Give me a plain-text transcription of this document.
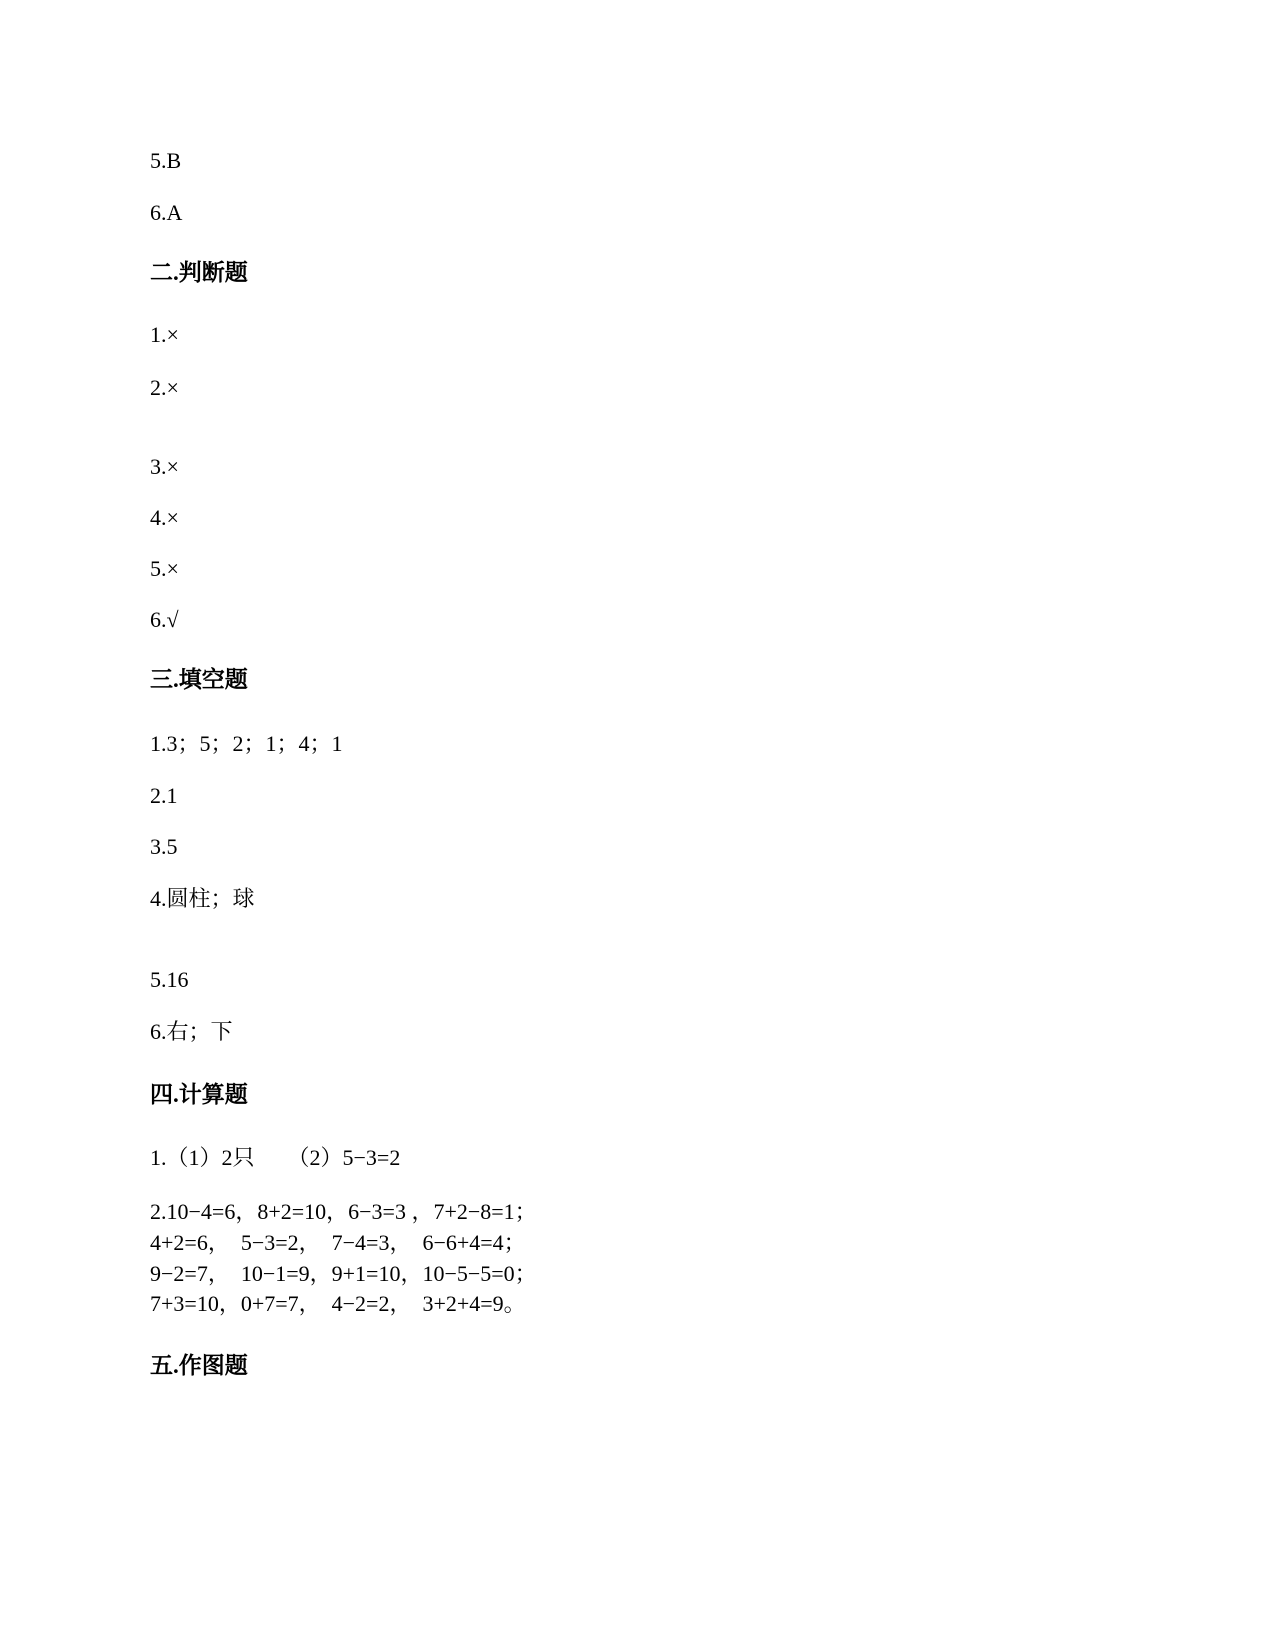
5.B
6.A
二.判断题
1.×
2.×
3.×
4.×
5.×
6.√
三.填空题
1.3；5；2；1；4；1
2.1
3.5
4.圆柱；球
5.16
6.右；下
四.计算题
1.（1）2只      （2）5−3=2
2.10−4=6，8+2=10，6−3=3 ，7+2−8=1；
4+2=6，  5−3=2，  7−4=3，  6−6+4=4；
9−2=7，  10−1=9，9+1=10，10−5−5=0；
7+3=10，0+7=7，  4−2=2，  3+2+4=9。
五.作图题
